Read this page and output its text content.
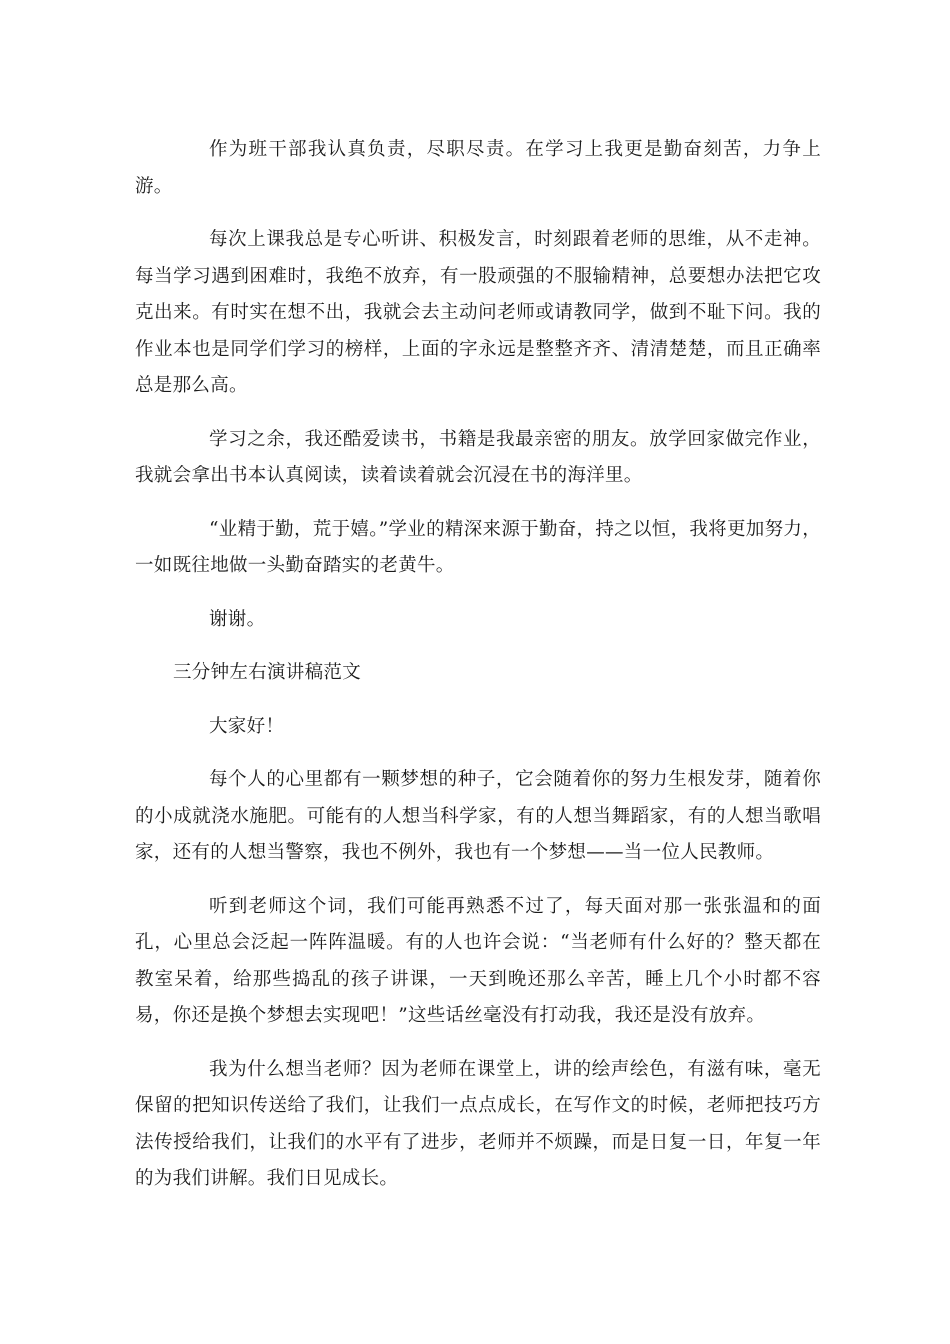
作为班干部我认真负责，尽职尽责。在学习上我更是勤奋刻苦，力争上游。

每次上课我总是专心听讲、积极发言，时刻跟着老师的思维，从不走神。每当学习遇到困难时，我绝不放弃，有一股顽强的不服输精神，总要想办法把它攻克出来。有时实在想不出，我就会去主动问老师或请教同学，做到不耻下问。我的作业本也是同学们学习的榜样，上面的字永远是整整齐齐、清清楚楚，而且正确率总是那么高。

学习之余，我还酷爱读书，书籍是我最亲密的朋友。放学回家做完作业，我就会拿出书本认真阅读，读着读着就会沉浸在书的海洋里。

“业精于勤，荒于嬉。”学业的精深来源于勤奋，持之以恒，我将更加努力，一如既往地做一头勤奋踏实的老黄牛。

谢谢。

三分钟左右演讲稿范文

大家好！

每个人的心里都有一颗梦想的种子，它会随着你的努力生根发芽，随着你的小成就浇水施肥。可能有的人想当科学家，有的人想当舞蹈家，有的人想当歌唱家，还有的人想当警察，我也不例外，我也有一个梦想——当一位人民教师。

听到老师这个词，我们可能再熟悉不过了，每天面对那一张张温和的面孔，心里总会泛起一阵阵温暖。有的人也许会说：“当老师有什么好的？整天都在教室呆着，给那些捣乱的孩子讲课，一天到晚还那么辛苦，睡上几个小时都不容易，你还是换个梦想去实现吧！”这些话丝毫没有打动我，我还是没有放弃。

我为什么想当老师？因为老师在课堂上，讲的绘声绘色，有滋有味，毫无保留的把知识传送给了我们，让我们一点点成长，在写作文的时候，老师把技巧方法传授给我们，让我们的水平有了进步，老师并不烦躁，而是日复一日，年复一年的为我们讲解。我们日见成长。
